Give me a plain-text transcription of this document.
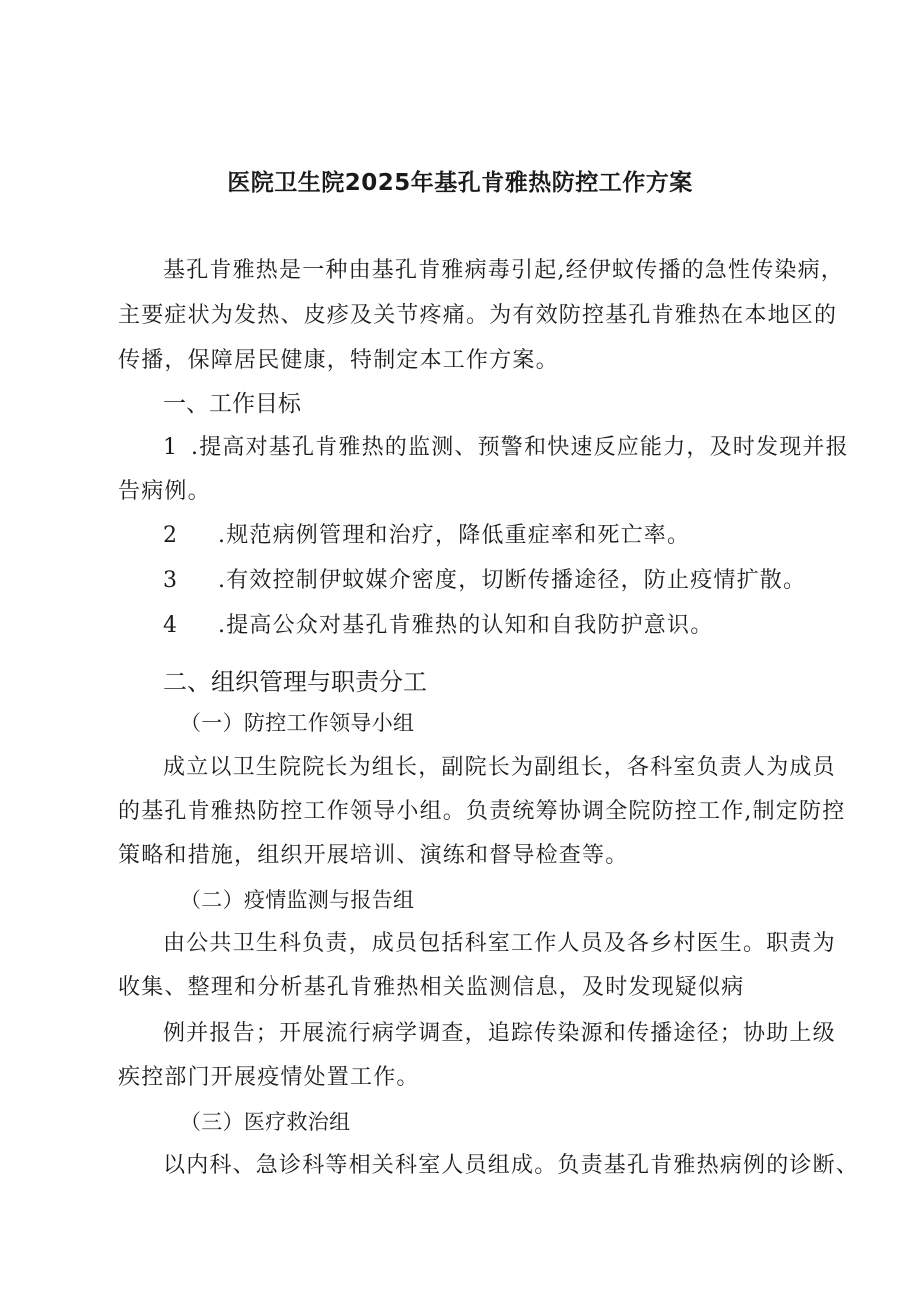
医院卫生院2025年基孔肯雅热防控工作方案
基孔肯雅热是一种由基孔肯雅病毒引起,经伊蚊传播的急性传染病，
主要症状为发热、皮疹及关节疼痛。为有效防控基孔肯雅热在本地区的
传播，保障居民健康，特制定本工作方案。
一、工作目标
1 .提高对基孔肯雅热的监测、预警和快速反应能力，及时发现并报
告病例。
2 .规范病例管理和治疗，降低重症率和死亡率。
3 .有效控制伊蚊媒介密度，切断传播途径，防止疫情扩散。
4 .提高公众对基孔肯雅热的认知和自我防护意识。
二、组织管理与职责分工
（一）防控工作领导小组
成立以卫生院院长为组长，副院长为副组长，各科室负责人为成员
的基孔肯雅热防控工作领导小组。负责统筹协调全院防控工作,制定防控
策略和措施，组织开展培训、演练和督导检查等。
（二）疫情监测与报告组
由公共卫生科负责，成员包括科室工作人员及各乡村医生。职责为
收集、整理和分析基孔肯雅热相关监测信息，及时发现疑似病
例并报告；开展流行病学调查，追踪传染源和传播途径；协助上级
疾控部门开展疫情处置工作。
（三）医疗救治组
以内科、急诊科等相关科室人员组成。负责基孔肯雅热病例的诊断、
